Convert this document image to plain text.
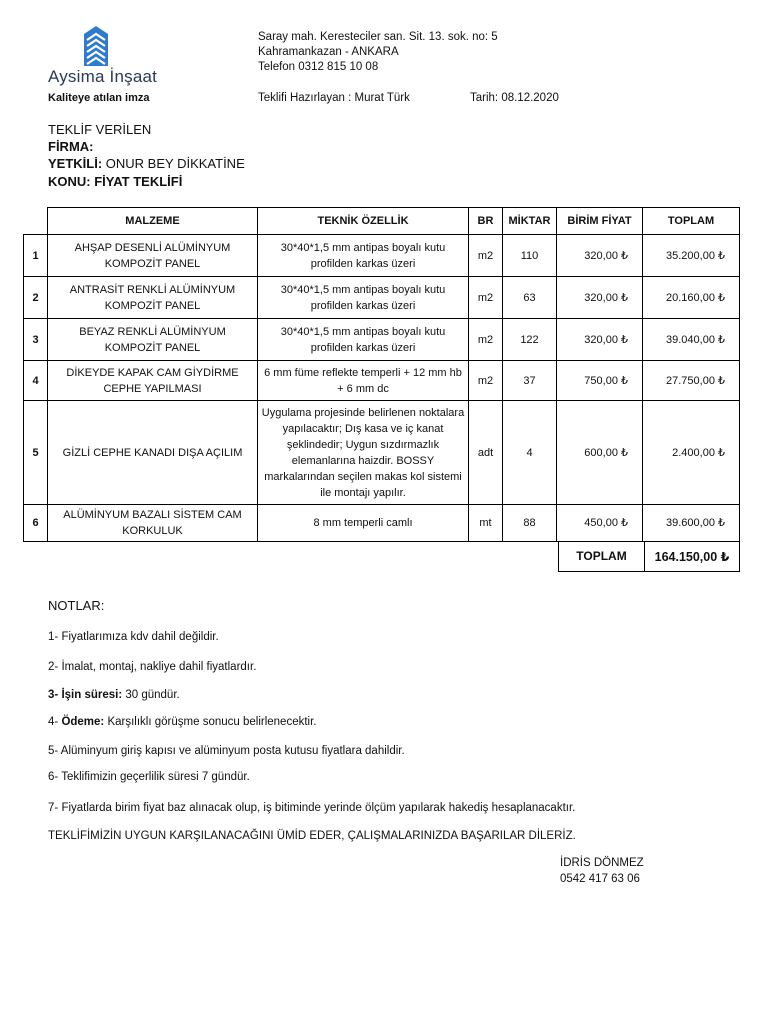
Aysima İnşaat
Kaliteye atılan imza
Saray mah. Keresteciler san. Sit. 13. sok. no: 5
Kahramankazan - ANKARA
Telefon 0312 815 10 08
Teklifi Hazırlayan : Murat Türk	Tarih: 08.12.2020
TEKLİF VERİLEN
FİRMA:
YETKİLİ: ONUR BEY DİKKATİNE
KONU: FİYAT TEKLİFİ
	MALZEME	TEKNİK ÖZELLİK	BR	MİKTAR	BİRİM FİYAT	TOPLAM
1	AHŞAP DESENLİ ALÜMİNYUM KOMPOZİT PANEL	30*40*1,5 mm antipas boyalı kutu profilden karkas üzeri	m2	110	320,00 ₺	35.200,00 ₺
2	ANTRASİT RENKLİ ALÜMİNYUM KOMPOZİT PANEL	30*40*1,5 mm antipas boyalı kutu profilden karkas üzeri	m2	63	320,00 ₺	20.160,00 ₺
3	BEYAZ RENKLİ ALÜMİNYUM KOMPOZİT PANEL	30*40*1,5 mm antipas boyalı kutu profilden karkas üzeri	m2	122	320,00 ₺	39.040,00 ₺
4	DİKEYDE KAPAK CAM GİYDİRME CEPHE YAPILMASI	6 mm füme reflekte temperli + 12 mm hb + 6 mm dc	m2	37	750,00 ₺	27.750,00 ₺
5	GİZLİ CEPHE KANADI DIŞA AÇILIM	Uygulama projesinde belirlenen noktalara yapılacaktır; Dış kasa ve iç kanat şeklindedir; Uygun sızdırmazlık elemanlarına haizdir. BOSSY markalarından seçilen makas kol sistemi ile montajı yapılır.	adt	4	600,00 ₺	2.400,00 ₺
6	ALÜMİNYUM BAZALI SİSTEM CAM KORKULUK	8 mm temperli camlı	mt	88	450,00 ₺	39.600,00 ₺
TOPLAM	164.150,00 ₺
NOTLAR:
1- Fiyatlarımıza kdv dahil değildir.
2- İmalat, montaj, nakliye dahil fiyatlardır.
3- İşin süresi: 30 gündür.
4- Ödeme: Karşılıklı görüşme sonucu belirlenecektir.
5- Alüminyum giriş kapısı ve alüminyum posta kutusu fiyatlara dahildir.
6- Teklifimizin geçerlilik süresi 7 gündür.
7- Fiyatlarda birim fiyat baz alınacak olup, iş bitiminde yerinde ölçüm yapılarak hakediş hesaplanacaktır.
TEKLİFİMİZİN UYGUN KARŞILANACAĞINI ÜMİD EDER, ÇALIŞMALARINIZDA BAŞARILAR DİLERİZ.
İDRİS DÖNMEZ
0542 417 63 06
